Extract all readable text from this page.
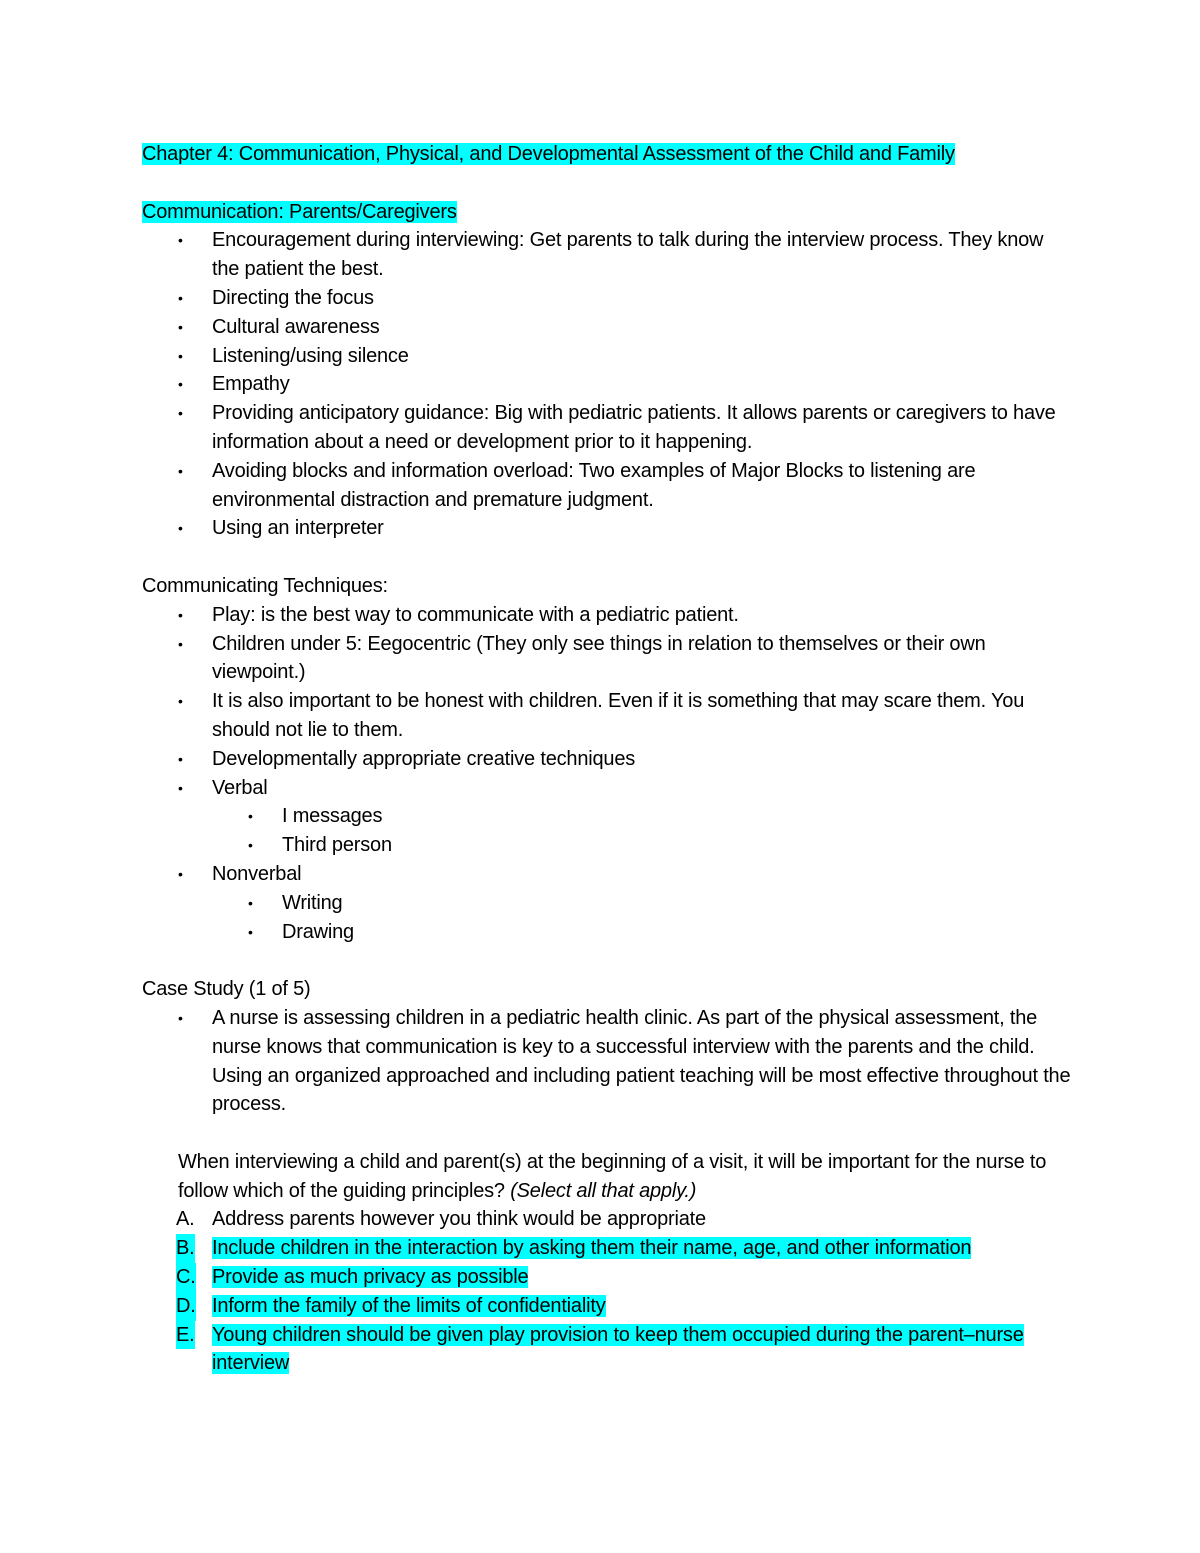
Chapter 4: Communication, Physical, and Developmental Assessment of the Child and Family

Communication: Parents/Caregivers

• Encouragement during interviewing: Get parents to talk during the interview process. They know the patient the best.
• Directing the focus
• Cultural awareness
• Listening/using silence
• Empathy
• Providing anticipatory guidance: Big with pediatric patients. It allows parents or caregivers to have information about a need or development prior to it happening.
• Avoiding blocks and information overload: Two examples of Major Blocks to listening are environmental distraction and premature judgment.
• Using an interpreter

Communicating Techniques:

• Play: is the best way to communicate with a pediatric patient.
• Children under 5: Eegocentric (They only see things in relation to themselves or their own viewpoint.)
• It is also important to be honest with children. Even if it is something that may scare them. You should not lie to them.
• Developmentally appropriate creative techniques
• Verbal
• I messages
• Third person
• Nonverbal
• Writing
• Drawing

Case Study (1 of 5)

• A nurse is assessing children in a pediatric health clinic. As part of the physical assessment, the nurse knows that communication is key to a successful interview with the parents and the child. Using an organized approached and including patient teaching will be most effective throughout the process.
When interviewing a child and parent(s) at the beginning of a visit, it will be important for the nurse to follow which of the guiding principles? (Select all that apply.)
A. Address parents however you think would be appropriate
B. Include children in the interaction by asking them their name, age, and other information
C. Provide as much privacy as possible
D. Inform the family of the limits of confidentiality
E. Young children should be given play provision to keep them occupied during the parent–nurse interview
